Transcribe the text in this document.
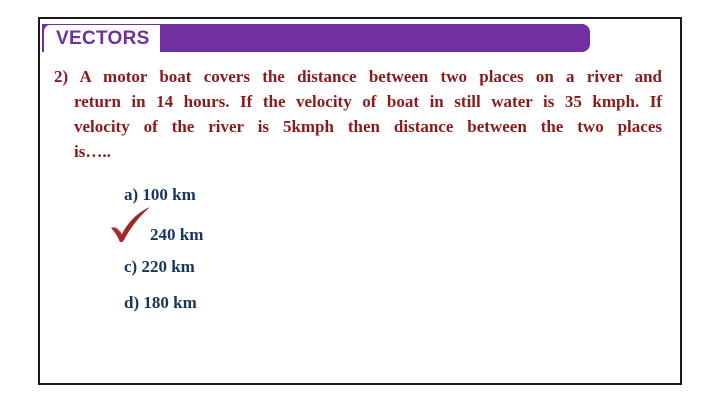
VECTORS
2) A motor boat covers the distance between two places on a river and
return in 14 hours. If the velocity of boat in still water is 35 kmph. If
velocity of the river is 5kmph then distance between the two places
is…..
a) 100 km
240 km
c) 220 km
d) 180 km
